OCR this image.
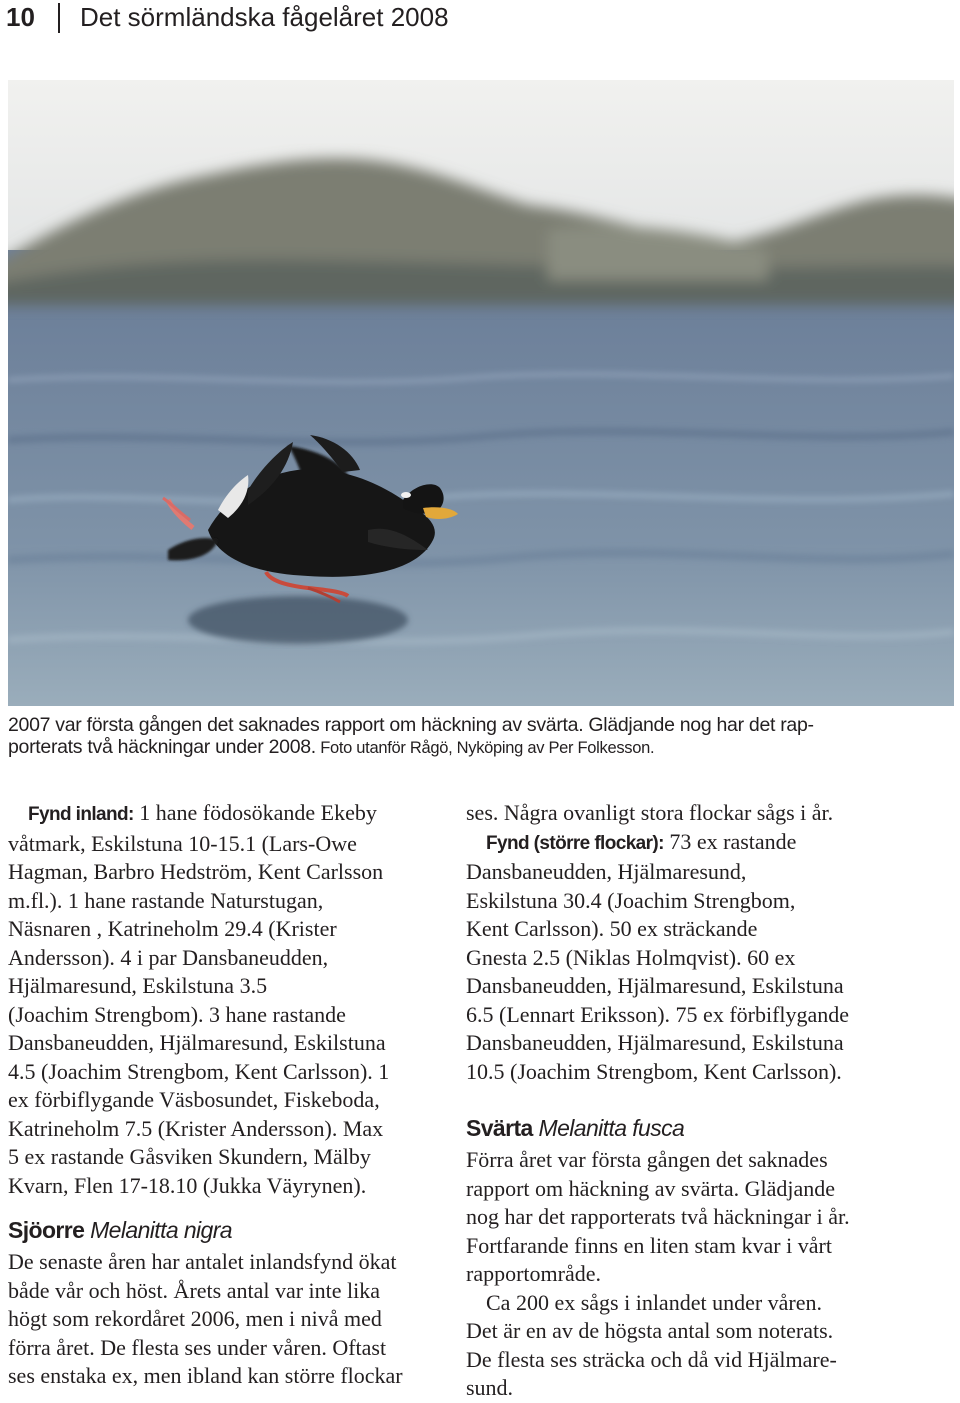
10 Det sörmländska fågelåret 2008
2007 var första gången det saknades rapport om häckning av svärta. Glädjande nog har det rap-
porterats två häckningar under 2008. Foto utanför Rågö, Nyköping av Per Folkesson.

Fynd inland: 1 hane födosökande Ekeby

våtmark, Eskilstuna 10-15.1 (Lars-Owe

Hagman, Barbro Hedström, Kent Carlsson

m.fl.). 1 hane rastande Naturstugan,

Näsnaren , Katrineholm 29.4 (Krister

Andersson). 4 i par Dansbaneudden,

Hjälmaresund, Eskilstuna 3.5

(Joachim Strengbom). 3 hane rastande

Dansbaneudden, Hjälmaresund, Eskilstuna

4.5 (Joachim Strengbom, Kent Carlsson). 1

ex förbiflygande Väsbosundet, Fiskeboda,

Katrineholm 7.5 (Krister Andersson). Max

5 ex rastande Gåsviken Skundern, Mälby

Kvarn, Flen 17-18.10 (Jukka Väyrynen).

Sjöorre Melanitta nigra

De senaste åren har antalet inlandsfynd ökat

både vår och höst. Årets antal var inte lika

högt som rekordåret 2006, men i nivå med

förra året. De flesta ses under våren. Oftast

ses enstaka ex, men ibland kan större flockar

ses. Några ovanligt stora flockar sågs i år.

Fynd (större flockar): 73 ex rastande

Dansbaneudden, Hjälmaresund,

Eskilstuna 30.4 (Joachim Strengbom,

Kent Carlsson). 50 ex sträckande

Gnesta 2.5 (Niklas Holmqvist). 60 ex

Dansbaneudden, Hjälmaresund, Eskilstuna

6.5 (Lennart Eriksson). 75 ex förbiflygande

Dansbaneudden, Hjälmaresund, Eskilstuna

10.5 (Joachim Strengbom, Kent Carlsson).

Svärta Melanitta fusca

Förra året var första gången det saknades

rapport om häckning av svärta. Glädjande

nog har det rapporterats två häckningar i år.

Fortfarande finns en liten stam kvar i vårt

rapportområde.

Ca 200 ex sågs i inlandet under våren.

Det är en av de högsta antal som noterats.

De flesta ses sträcka och då vid Hjälmare-

sund.
